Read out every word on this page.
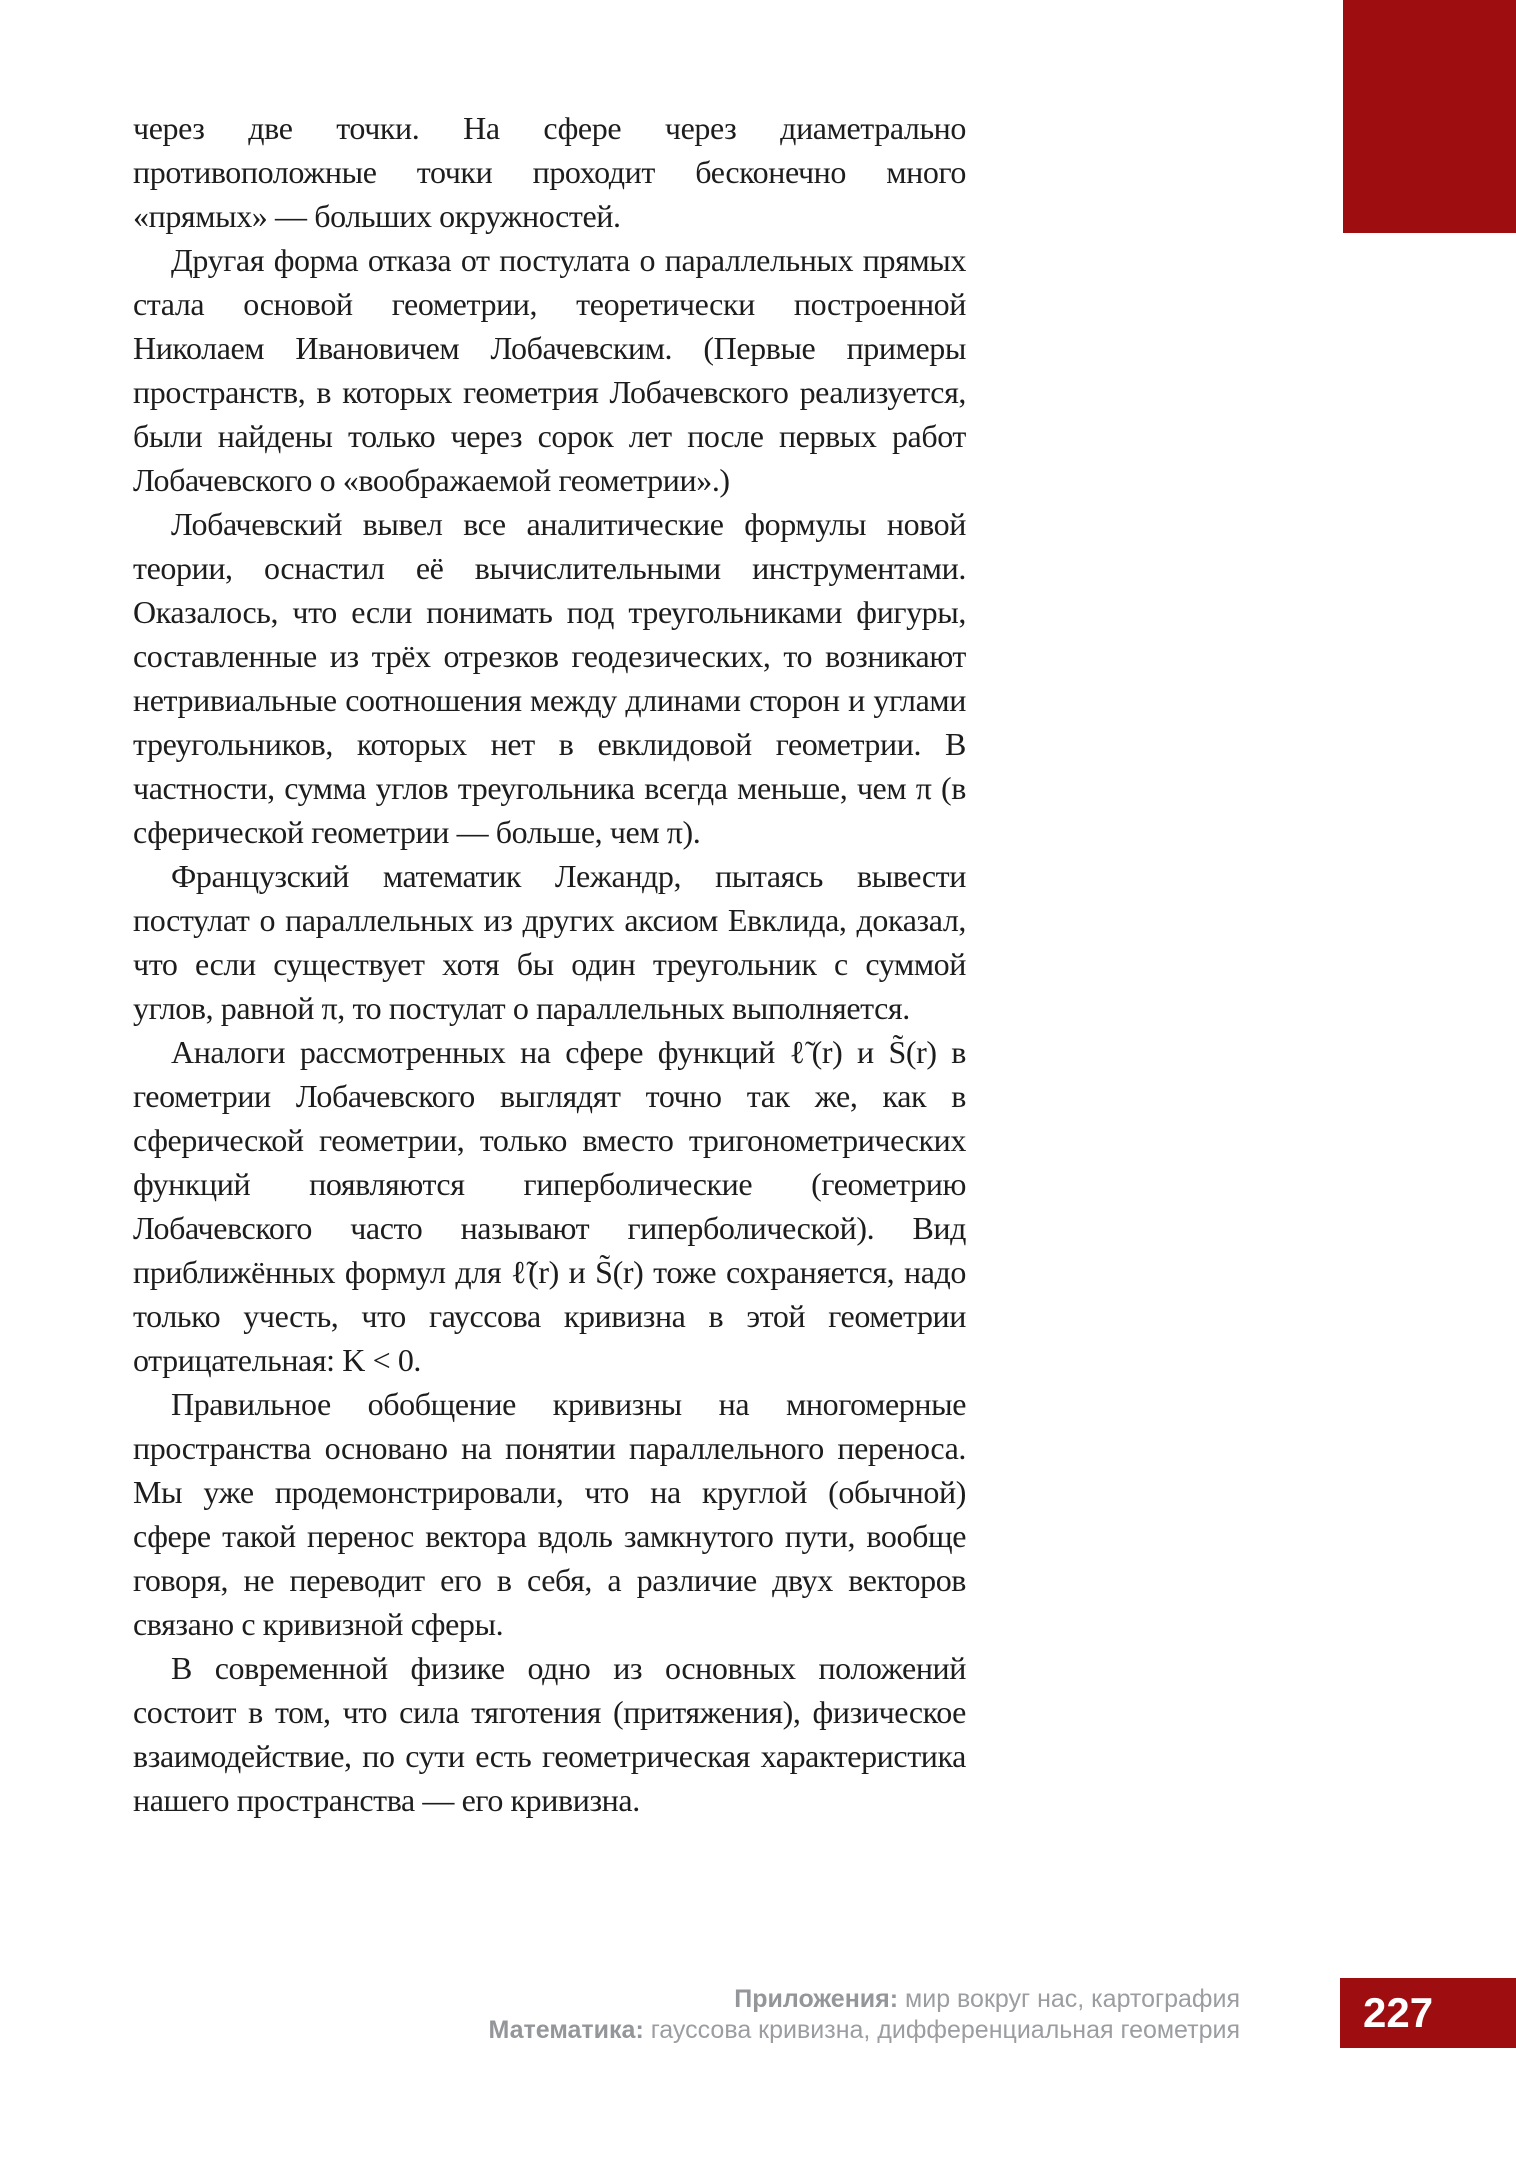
через две точки. На сфере через диаметрально противоположные точки проходит бесконечно много «прямых» — больших окружностей.

Другая форма отказа от постулата о параллельных прямых стала основой геометрии, теоретически построенной Николаем Ивановичем Лобачевским. (Первые примеры пространств, в которых геометрия Лобачевского реализуется, были найдены только через сорок лет после первых работ Лобачевского о «воображаемой геометрии».)

Лобачевский вывел все аналитические формулы новой теории, оснастил её вычислительными инструментами. Оказалось, что если понимать под треугольниками фигуры, составленные из трёх отрезков геодезических, то возникают нетривиальные соотношения между длинами сторон и углами треугольников, которых нет в евклидовой геометрии. В частности, сумма углов треугольника всегда меньше, чем π (в сферической геометрии — больше, чем π).

Французский математик Лежандр, пытаясь вывести постулат о параллельных из других аксиом Евклида, доказал, что если существует хотя бы один треугольник с суммой углов, равной π, то постулат о параллельных выполняется.

Аналоги рассмотренных на сфере функций ℓ̃(r) и S̃(r) в геометрии Лобачевского выглядят точно так же, как в сферической геометрии, только вместо тригонометрических функций появляются гиперболические (геометрию Лобачевского часто называют гиперболической). Вид приближённых формул для ℓ̃(r) и S̃(r) тоже сохраняется, надо только учесть, что гауссова кривизна в этой геометрии отрицательная: K < 0.

Правильное обобщение кривизны на многомерные пространства основано на понятии параллельного переноса. Мы уже продемонстрировали, что на круглой (обычной) сфере такой перенос вектора вдоль замкнутого пути, вообще говоря, не переводит его в себя, а различие двух векторов связано с кривизной сферы.

В современной физике одно из основных положений состоит в том, что сила тяготения (притяжения), физическое взаимодействие, по сути есть геометрическая характеристика нашего пространства — его кривизна.

Приложения: мир вокруг нас, картография
Математика: гауссова кривизна, дифференциальная геометрия	227
